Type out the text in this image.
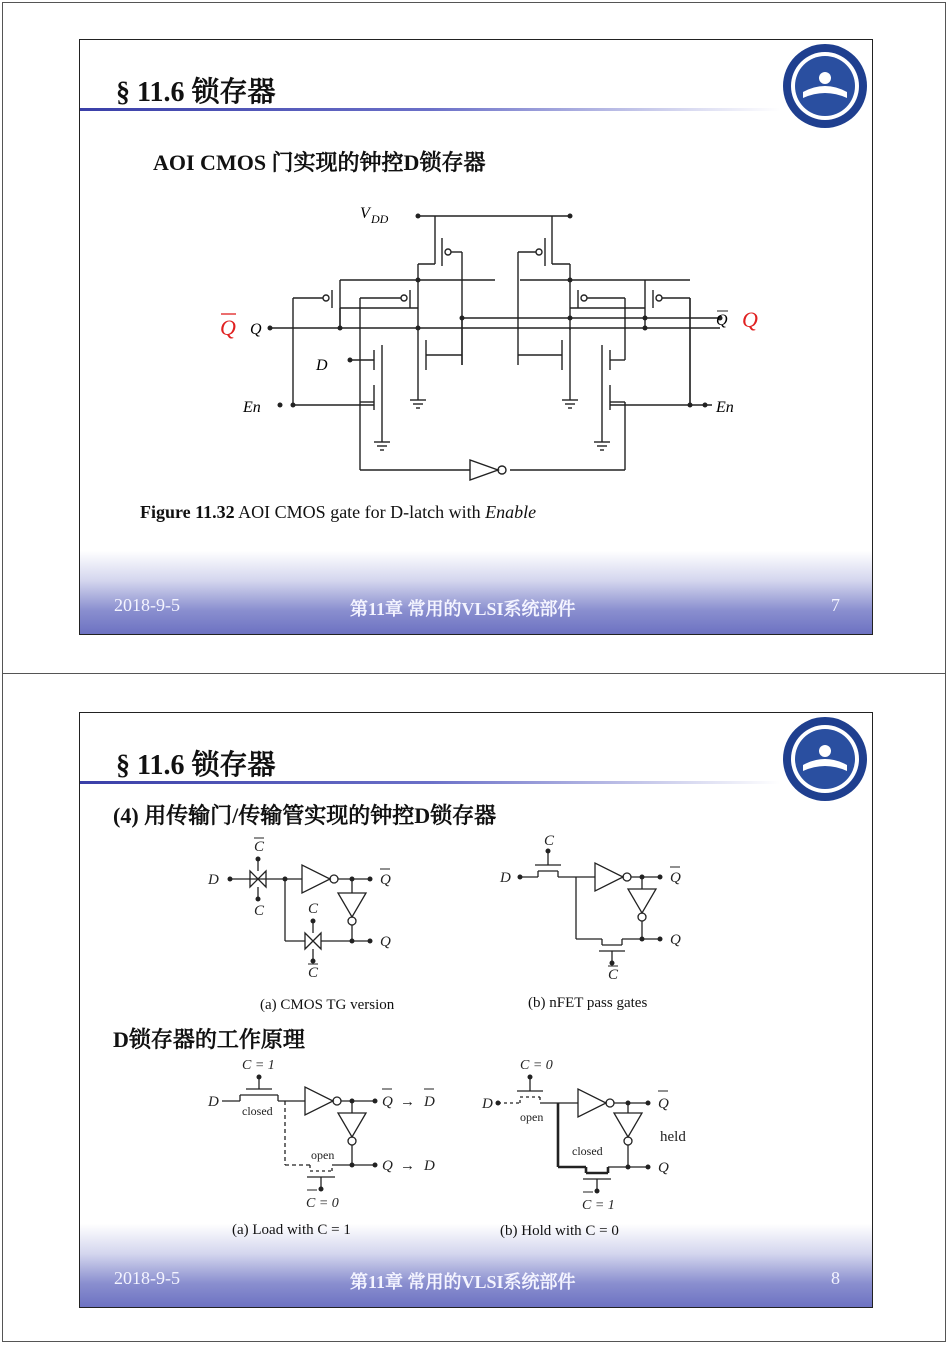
§ 11.6 锁存器
AOI CMOS 门实现的钟控D锁存器
V DD
Q Q
D
En
Q Q
En
Figure 11.32 AOI CMOS gate for D-latch with Enable
2018-9-5	第11章 常用的VLSI系统部件	7
§ 11.6 锁存器
(4) 用传输门/传输管实现的钟控D锁存器
D锁存器的工作原理
D
C
C	C
C
Q
Q
D
C
C
Q
Q
C = 1
D
closed
open
Q → D
Q → D
C = 0
C = 0
D
open
closed
Q
held
Q
C = 1
(a) CMOS TG version	(b) nFET pass gates
(a) Load with C = 1	(b) Hold with C = 0
2018-9-5	第11章 常用的VLSI系统部件	8
